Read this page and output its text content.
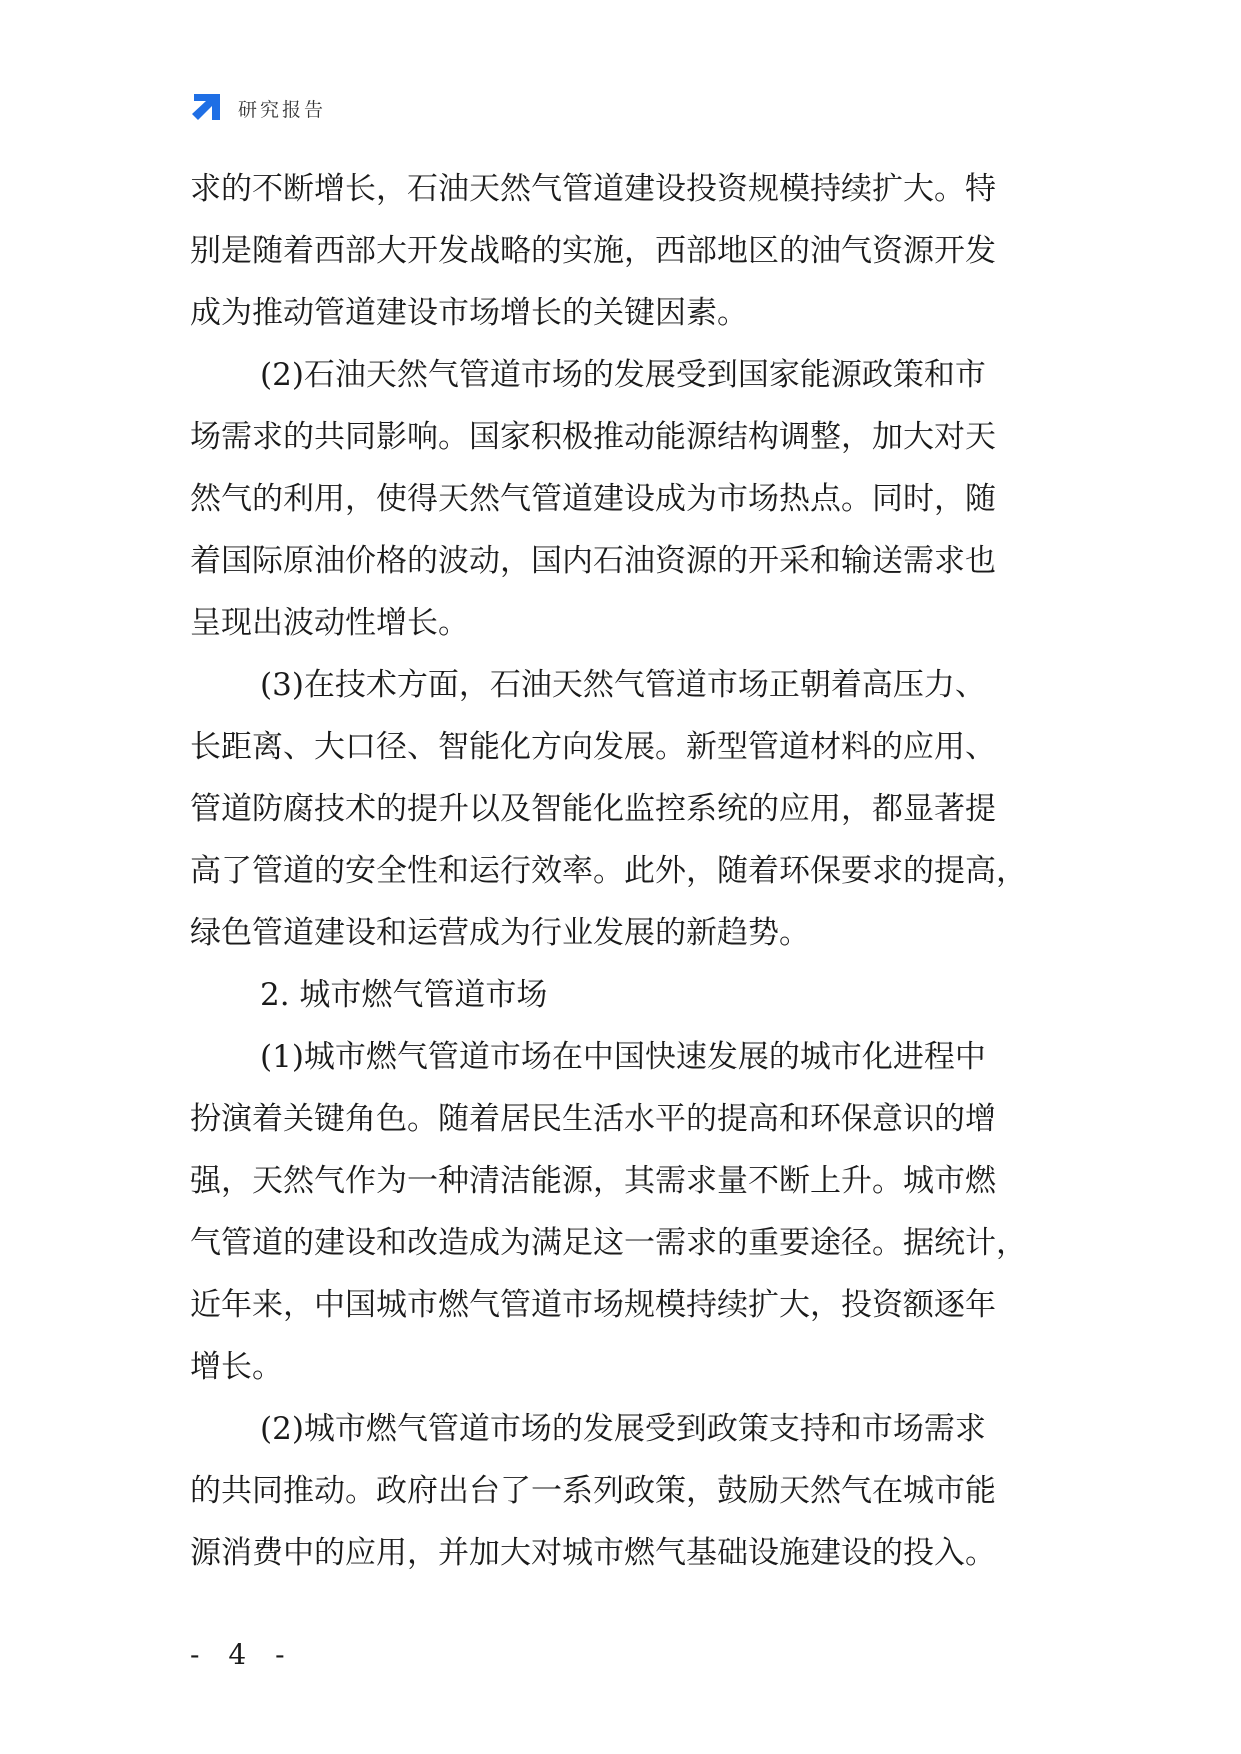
研究报告
求的不断增长，石油天然气管道建设投资规模持续扩大。特
别是随着西部大开发战略的实施，西部地区的油气资源开发
成为推动管道建设市场增长的关键因素。
(2)石油天然气管道市场的发展受到国家能源政策和市
场需求的共同影响。国家积极推动能源结构调整，加大对天
然气的利用，使得天然气管道建设成为市场热点。同时，随
着国际原油价格的波动，国内石油资源的开采和输送需求也
呈现出波动性增长。
(3)在技术方面，石油天然气管道市场正朝着高压力、
长距离、大口径、智能化方向发展。新型管道材料的应用、
管道防腐技术的提升以及智能化监控系统的应用，都显著提
高了管道的安全性和运行效率。此外，随着环保要求的提高，
绿色管道建设和运营成为行业发展的新趋势。
2. 城市燃气管道市场
(1)城市燃气管道市场在中国快速发展的城市化进程中
扮演着关键角色。随着居民生活水平的提高和环保意识的增
强，天然气作为一种清洁能源，其需求量不断上升。城市燃
气管道的建设和改造成为满足这一需求的重要途径。据统计，
近年来，中国城市燃气管道市场规模持续扩大，投资额逐年
增长。
(2)城市燃气管道市场的发展受到政策支持和市场需求
的共同推动。政府出台了一系列政策，鼓励天然气在城市能
源消费中的应用，并加大对城市燃气基础设施建设的投入。
- 4 -
